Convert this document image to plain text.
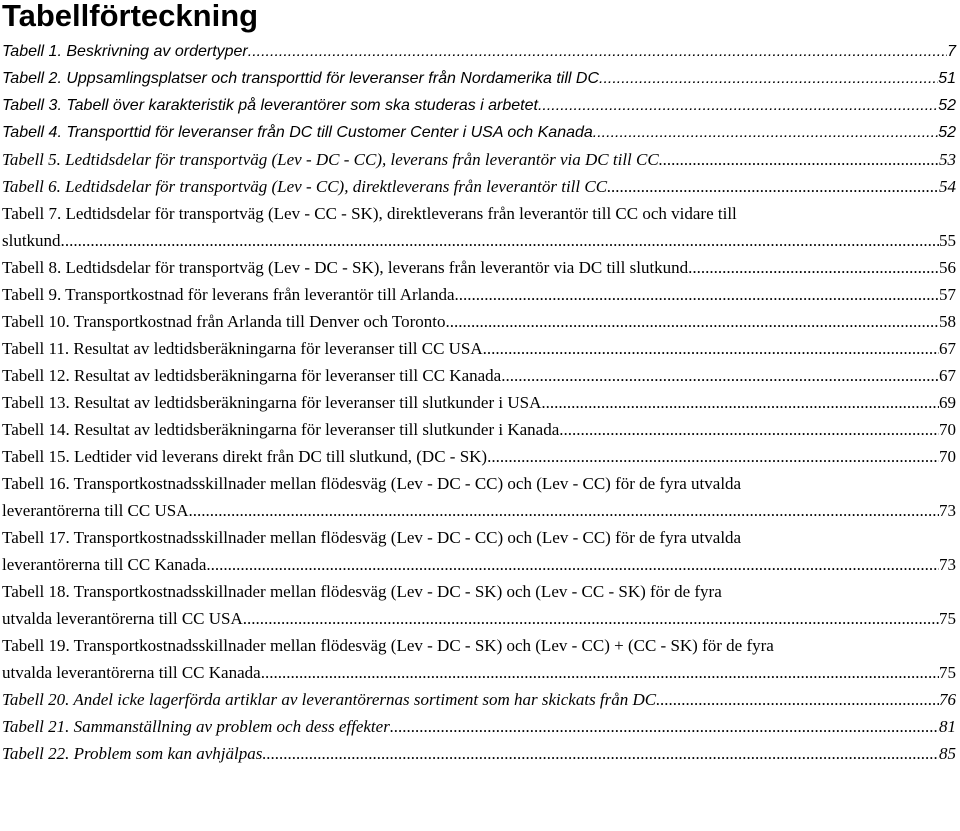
Tabellförteckning
Tabell 1. Beskrivning av ordertyper .....	7
Tabell 2. Uppsamlingsplatser och transporttid för leveranser från Nordamerika till DC .....	51
Tabell 3. Tabell över karakteristik på leverantörer som ska studeras i arbetet .....	52
Tabell 4. Transporttid för leveranser från DC till Customer Center i USA och Kanada .....	52
Tabell 5. Ledtidsdelar för transportväg (Lev - DC - CC), leverans från leverantör via DC till CC .....	53
Tabell 6. Ledtidsdelar för transportväg (Lev - CC), direktleverans från leverantör till CC .....	54
Tabell 7. Ledtidsdelar för transportväg (Lev - CC - SK), direktleverans från leverantör till CC och vidare till
slutkund. .....	55
Tabell 8. Ledtidsdelar för transportväg (Lev - DC - SK), leverans från leverantör via DC till slutkund .....	56
Tabell 9. Transportkostnad för leverans från leverantör till Arlanda .....	57
Tabell 10. Transportkostnad från Arlanda till Denver och Toronto .....	58
Tabell 11. Resultat av ledtidsberäkningarna för leveranser till CC USA .....	67
Tabell 12. Resultat av ledtidsberäkningarna för leveranser till CC Kanada .....	67
Tabell 13. Resultat av ledtidsberäkningarna för leveranser till slutkunder i USA .....	69
Tabell 14. Resultat av ledtidsberäkningarna för leveranser till slutkunder i Kanada. .....	70
Tabell 15. Ledtider vid leverans direkt från DC till slutkund, (DC - SK) .....	70
Tabell 16. Transportkostnadsskillnader mellan flödesväg (Lev - DC - CC) och (Lev - CC) för de fyra utvalda
leverantörerna till CC USA. .....	73
Tabell 17. Transportkostnadsskillnader mellan flödesväg (Lev - DC - CC) och (Lev - CC) för de fyra utvalda
leverantörerna till CC Kanada .....	73
Tabell 18. Transportkostnadsskillnader mellan flödesväg (Lev - DC - SK) och (Lev - CC - SK) för de fyra
utvalda leverantörerna till CC USA. .....	75
Tabell 19. Transportkostnadsskillnader mellan flödesväg (Lev - DC - SK) och (Lev - CC) + (CC - SK) för de fyra
utvalda leverantörerna till CC Kanada .....	75
Tabell 20. Andel icke lagerförda artiklar av leverantörernas sortiment som har skickats från DC .....	76
Tabell 21. Sammanställning av problem och dess effekter .....	81
Tabell 22. Problem som kan avhjälpas .....	85
